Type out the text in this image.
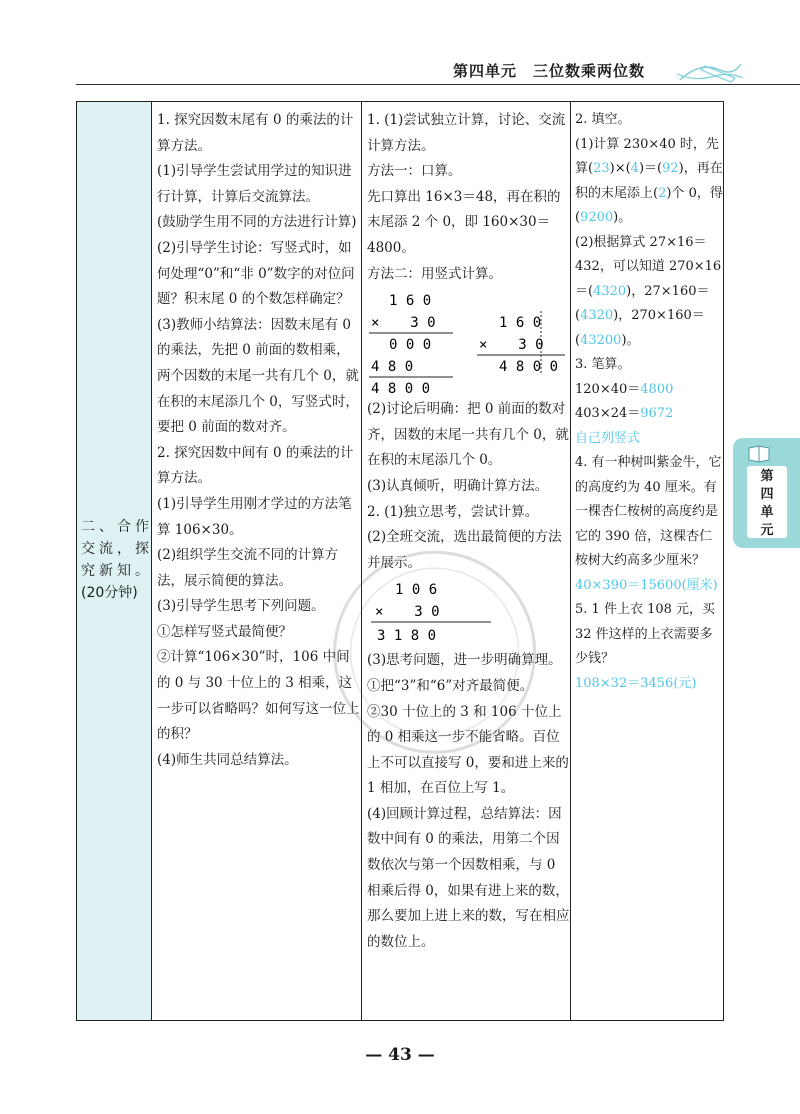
第四单元　三位数乘两位数
二、合作交流，探究新知。(20分钟)

1. 探究因数末尾有 0 的乘法的计算方法。

(1)引导学生尝试用学过的知识进行计算，计算后交流算法。

(鼓励学生用不同的方法进行计算)

(2)引导学生讨论：写竖式时，如何处理“0”和“非 0”数字的对位问题？积末尾 0 的个数怎样确定？

(3)教师小结算法：因数末尾有 0 的乘法，先把 0 前面的数相乘，两个因数的末尾一共有几个 0，就在积的末尾添几个 0，写竖式时，要把 0 前面的数对齐。

2. 探究因数中间有 0 的乘法的计算方法。

(1)引导学生用刚才学过的方法笔算 106×30。

(2)组织学生交流不同的计算方法，展示简便的算法。

(3)引导学生思考下列问题。

①怎样写竖式最简便？

②计算“106×30”时，106 中间的 0 与 30 十位上的 3 相乘，这一步可以省略吗？如何写这一位上的积？

(4)师生共同总结算法。

1. (1)尝试独立计算，讨论、交流计算方法。

方法一：口算。

先口算出 16×3＝48，再在积的末尾添 2 个 0，即 160×30＝4800。

方法二：用竖式计算。

1 6 0
× 　 3 0
0 0 0
4 8 0
4 8 0 0
1 6 0
× 　 3 0
4 8 0 0

(2)讨论后明确：把 0 前面的数对齐，因数的末尾一共有几个 0，就在积的末尾添几个 0。

(3)认真倾听，明确计算方法。

2. (1)独立思考，尝试计算。

(2)全班交流，选出最简便的方法并展示。

1 0 6
× 　 3 0
3 1 8 0

(3)思考问题，进一步明确算理。

①把“3”和“6”对齐最简便。

②30 十位上的 3 和 106 十位上的 0 相乘这一步不能省略。百位上不可以直接写 0，要和进上来的 1 相加，在百位上写 1。

(4)回顾计算过程，总结算法：因数中间有 0 的乘法，用第二个因数依次与第一个因数相乘，与 0 相乘后得 0，如果有进上来的数，那么要加上进上来的数，写在相应的数位上。

2. 填空。

(1)计算 230×40 时，先算(23)×(4)＝(92)，再在积的末尾添上(2)个 0，得(9200)。

(2)根据算式 27×16＝432，可以知道 270×16＝(4320)，27×160＝(4320)，270×160＝(43200)。

3. 笔算。

120×40＝4800

403×24＝9672

自己列竖式

4. 有一种树叫紫金牛，它的高度约为 40 厘米。有一棵杏仁桉树的高度约是它的 390 倍，这棵杏仁桉树大约高多少厘米？

40×390＝15600(厘米)

5. 1 件上衣 108 元，买 32 件这样的上衣需要多少钱？

108×32＝3456(元)

第四单元
— 43 —
